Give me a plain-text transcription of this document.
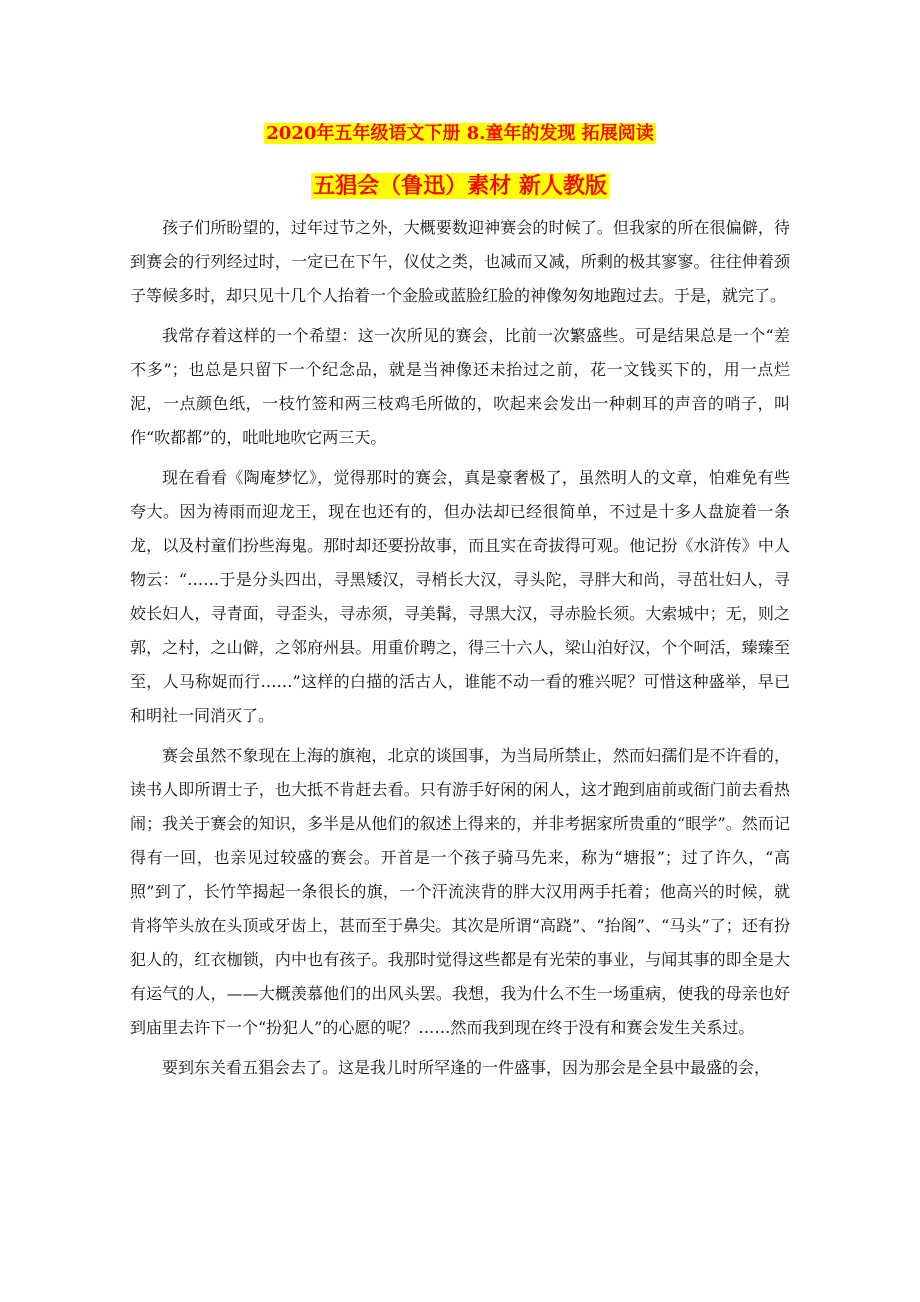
2020年五年级语文下册 8.童年的发现 拓展阅读
五猖会（鲁迅）素材 新人教版

孩子们所盼望的，过年过节之外，大概要数迎神赛会的时候了。但我家的所在很偏僻，待到赛会的行列经过时，一定已在下午，仪仗之类，也减而又减，所剩的极其寥寥。往往伸着颈子等候多时，却只见十几个人抬着一个金脸或蓝脸红脸的神像匆匆地跑过去。于是，就完了。

我常存着这样的一个希望：这一次所见的赛会，比前一次繁盛些。可是结果总是一个“差不多”；也总是只留下一个纪念品，就是当神像还未抬过之前，花一文钱买下的，用一点烂泥，一点颜色纸，一枝竹签和两三枝鸡毛所做的，吹起来会发出一种刺耳的声音的哨子，叫作“吹都都”的，吡吡地吹它两三天。

现在看看《陶庵梦忆》，觉得那时的赛会，真是豪奢极了，虽然明人的文章，怕难免有些夸大。因为祷雨而迎龙王，现在也还有的，但办法却已经很简单，不过是十多人盘旋着一条龙，以及村童们扮些海鬼。那时却还要扮故事，而且实在奇拔得可观。他记扮《水浒传》中人物云：“……于是分头四出，寻黑矮汉，寻梢长大汉，寻头陀，寻胖大和尚，寻茁壮妇人，寻姣长妇人，寻青面，寻歪头，寻赤须，寻美髯，寻黑大汉，寻赤脸长须。大索城中；无，则之郭，之村，之山僻，之邻府州县。用重价聘之，得三十六人，梁山泊好汉，个个呵活，臻臻至至，人马称娖而行……”这样的白描的活古人，谁能不动一看的雅兴呢？可惜这种盛举，早已和明社一同消灭了。

赛会虽然不象现在上海的旗袍，北京的谈国事，为当局所禁止，然而妇孺们是不许看的，读书人即所谓士子，也大抵不肯赶去看。只有游手好闲的闲人，这才跑到庙前或衙门前去看热闹；我关于赛会的知识，多半是从他们的叙述上得来的，并非考据家所贵重的“眼学”。然而记得有一回，也亲见过较盛的赛会。开首是一个孩子骑马先来，称为“塘报”；过了许久，“高照”到了，长竹竿揭起一条很长的旗，一个汗流浃背的胖大汉用两手托着；他高兴的时候，就肯将竿头放在头顶或牙齿上，甚而至于鼻尖。其次是所谓“高跷”、“抬阁”、“马头”了；还有扮犯人的，红衣枷锁，内中也有孩子。我那时觉得这些都是有光荣的事业，与闻其事的即全是大有运气的人，——大概羡慕他们的出风头罢。我想，我为什么不生一场重病，使我的母亲也好到庙里去许下一个“扮犯人”的心愿的呢？……然而我到现在终于没有和赛会发生关系过。

要到东关看五猖会去了。这是我儿时所罕逢的一件盛事，因为那会是全县中最盛的会，
